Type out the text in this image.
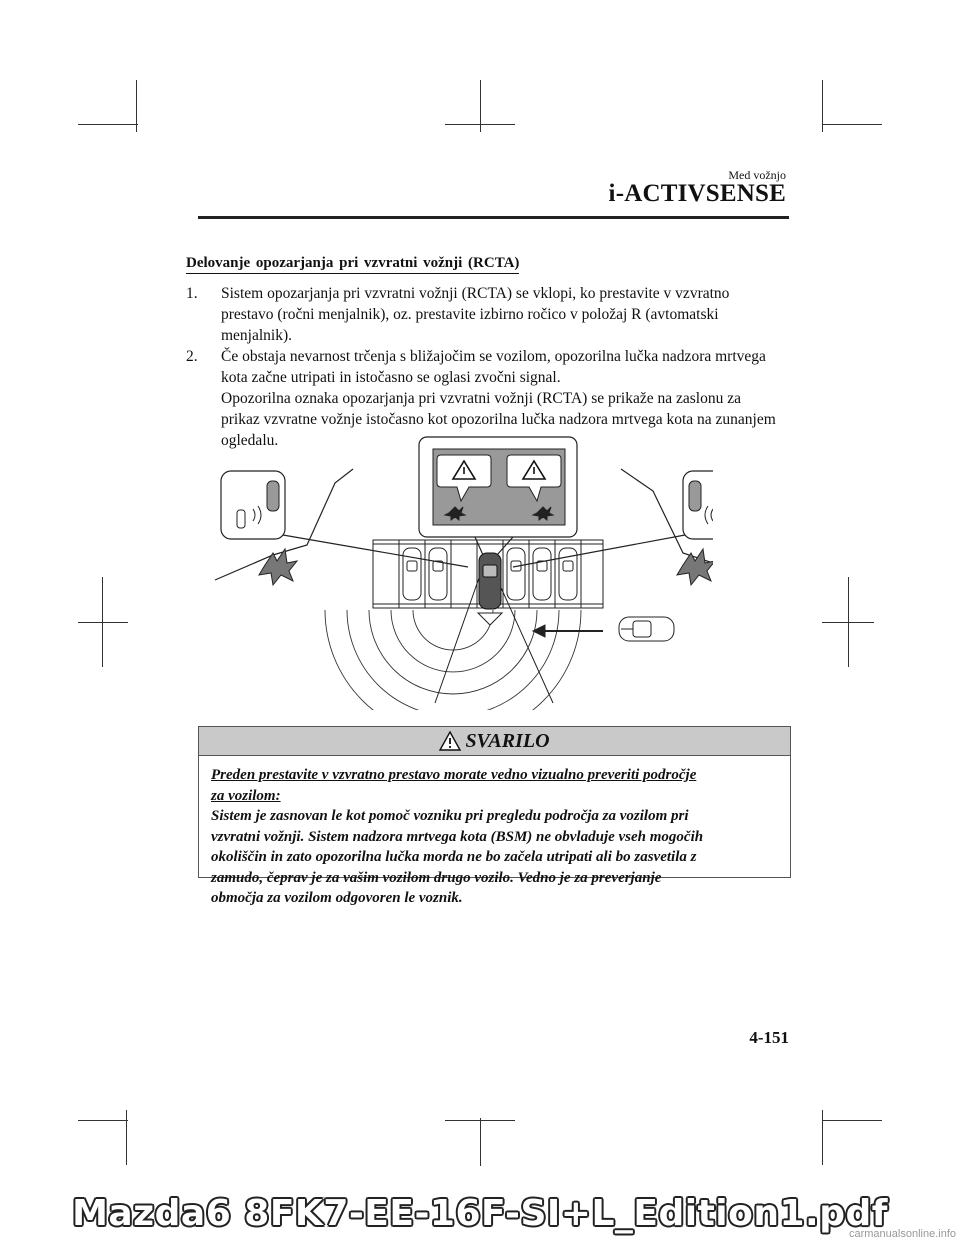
Med vožnjo
i-ACTIVSENSE
Delovanje opozarjanja pri vzvratni vožnji (RCTA)
1. Sistem opozarjanja pri vzvratni vožnji (RCTA) se vklopi, ko prestavite v vzvratno
prestavo (ročni menjalnik), oz. prestavite izbirno ročico v položaj R (avtomatski
menjalnik).
2. Če obstaja nevarnost trčenja s bližajočim se vozilom, opozorilna lučka nadzora mrtvega
kota začne utripati in istočasno se oglasi zvočni signal.
Opozorilna oznaka opozarjanja pri vzvratni vožnji (RCTA) se prikaže na zaslonu za
prikaz vzvratne vožnje istočasno kot opozorilna lučka nadzora mrtvega kota na zunanjem
ogledalu.
SVARILO
Preden prestavite v vzvratno prestavo morate vedno vizualno preveriti področje
za vozilom:
Sistem je zasnovan le kot pomoč vozniku pri pregledu področja za vozilom pri
vzvratni vožnji. Sistem nadzora mrtvega kota (BSM) ne obvladuje vseh mogočih
okoliščin in zato opozorilna lučka morda ne bo začela utripati ali bo zasvetila z
zamudo, čeprav je za vašim vozilom drugo vozilo. Vedno je za preverjanje
območja za vozilom odgovoren le voznik.
4-151
Mazda6 8FK7-EE-16F-SI+L_Edition1.pdf
carmanualsonline.info
